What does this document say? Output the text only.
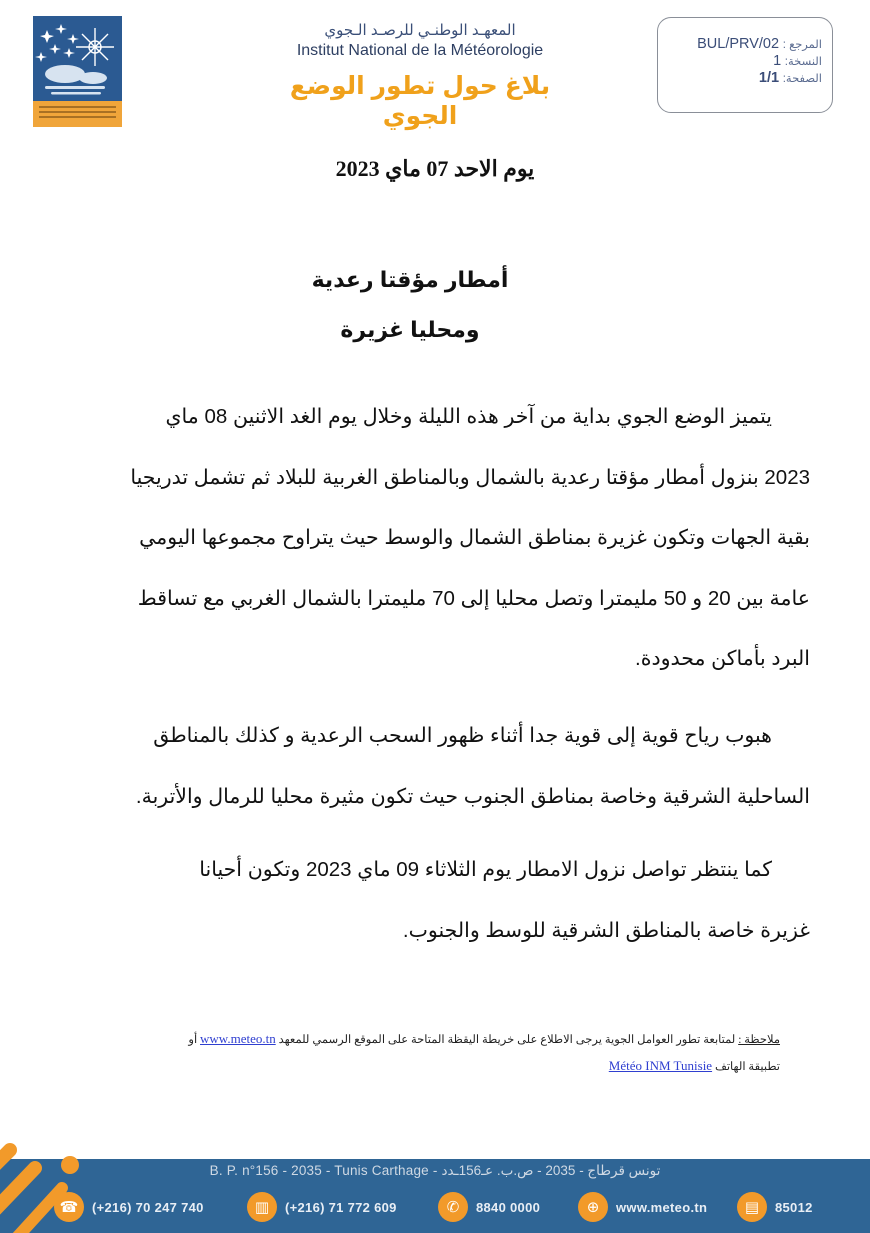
المعهـد الوطنـي للرصـد الـجوي
Institut National de la Météorologie
بلاغ حول تطور الوضع الجوي
المرجع : BUL/PRV/02
النسخة: 1
الصفحة: 1/1
يوم الاحد 07 ماي 2023
أمطار مؤقتا رعدية
ومحليا غزيرة
يتميز الوضع الجوي بداية من آخر هذه الليلة وخلال يوم الغد الاثنين 08 ماي
2023 بنزول أمطار مؤقتا رعدية بالشمال وبالمناطق الغربية للبلاد ثم تشمل تدريجيا
بقية الجهات وتكون غزيرة بمناطق الشمال والوسط حيث يتراوح مجموعها اليومي
عامة بين 20 و 50 مليمترا وتصل محليا إلى 70 مليمترا بالشمال الغربي مع تساقط
البرد بأماكن محدودة.
هبوب رياح قوية إلى قوية جدا أثناء ظهور السحب الرعدية و كذلك بالمناطق
الساحلية الشرقية وخاصة بمناطق الجنوب حيث تكون مثيرة محليا للرمال والأتربة.
كما ينتظر تواصل نزول الامطار يوم الثلاثاء 09 ماي 2023 وتكون أحيانا
غزيرة خاصة بالمناطق الشرقية للوسط والجنوب.
ملاحظة : لمتابعة تطور العوامل الجوية يرجى الاطلاع على خريطة اليقظة المتاحة على الموقع الرسمي للمعهد www.meteo.tn أو
تطبيقة الهاتف Météo INM Tunisie
B. P. n°156 - 2035 - Tunis Carthage - تونس قرطاج - 2035 - ص.ب. عـ156ـدد
☎	(+216) 70 247 740	▥	(+216) 71 772 609	✆	8840 0000	⊕	www.meteo.tn	▤	85012
